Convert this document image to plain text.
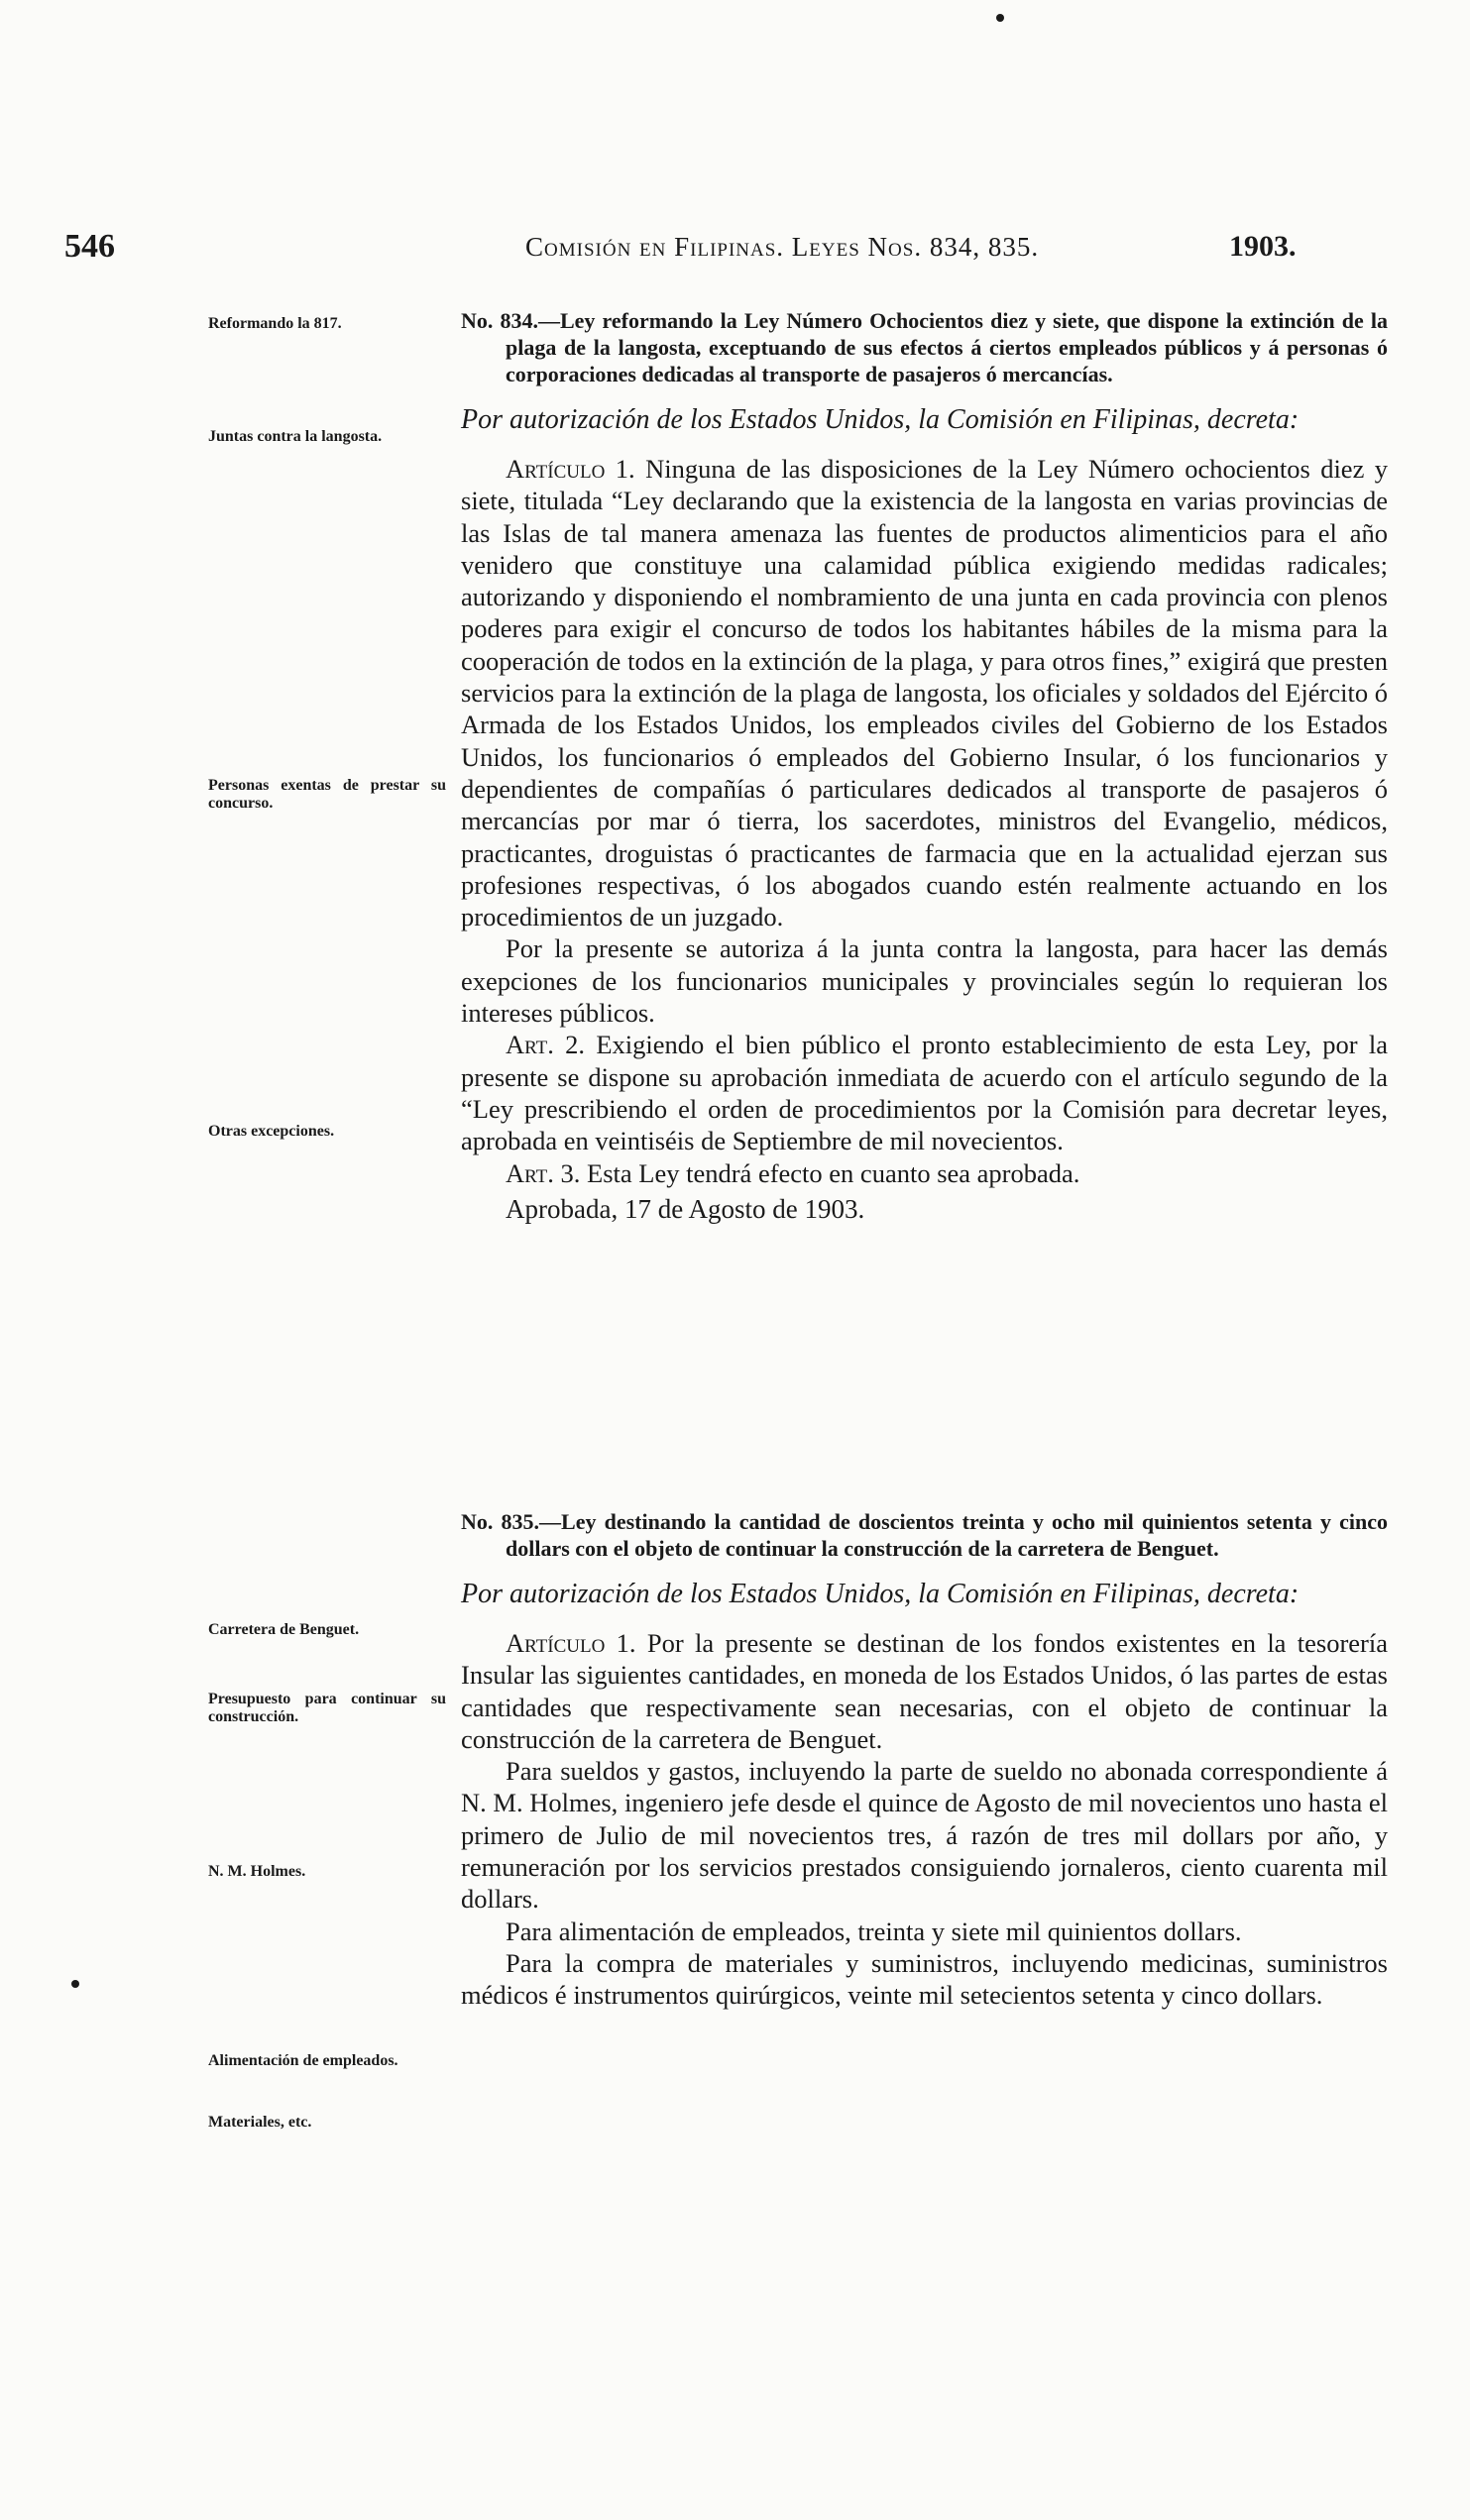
546	Comisión en Filipinas. Leyes Nos. 834, 835.	1903.
Reformando la 817.
Juntas contra la langosta.
Personas exentas de prestar su concurso.
Otras excepciones.
Carretera de Benguet.
Presupuesto para continuar su construcción.
N. M. Holmes.
Alimentación de empleados.
Materiales, etc.
No. 834.—Ley reformando la Ley Número Ochocientos diez y siete, que dispone la extinción de la plaga de la langosta, exceptuando de sus efectos á ciertos empleados públicos y á personas ó corporaciones dedicadas al transporte de pasajeros ó mercancías.
Por autorización de los Estados Unidos, la Comisión en Filipinas, decreta:

Artículo 1. Ninguna de las disposiciones de la Ley Número ochocientos diez y siete, titulada “Ley declarando que la existencia de la langosta en varias provincias de las Islas de tal manera amenaza las fuentes de productos alimenticios para el año venidero que constituye una calamidad pública exigiendo medidas radicales; autorizando y disponiendo el nombramiento de una junta en cada provincia con plenos poderes para exigir el concurso de todos los habitantes hábiles de la misma para la cooperación de todos en la extinción de la plaga, y para otros fines,” exigirá que presten servicios para la extinción de la plaga de langosta, los oficiales y soldados del Ejército ó Armada de los Estados Unidos, los empleados civiles del Gobierno de los Estados Unidos, los funcionarios ó empleados del Gobierno Insular, ó los funcionarios y dependientes de compañías ó particulares dedicados al transporte de pasajeros ó mercancías por mar ó tierra, los sacerdotes, ministros del Evangelio, médicos, practicantes, droguistas ó practicantes de farmacia que en la actualidad ejerzan sus profesiones respectivas, ó los abogados cuando estén realmente actuando en los procedimientos de un juzgado.

Por la presente se autoriza á la junta contra la langosta, para hacer las demás exepciones de los funcionarios municipales y provinciales según lo requieran los intereses públicos.

Art. 2. Exigiendo el bien público el pronto establecimiento de esta Ley, por la presente se dispone su aprobación inmediata de acuerdo con el artículo segundo de la “Ley prescribiendo el orden de procedimientos por la Comisión para decretar leyes, aprobada en veintiséis de Septiembre de mil novecientos.

Art. 3. Esta Ley tendrá efecto en cuanto sea aprobada.

Aprobada, 17 de Agosto de 1903.
No. 835.—Ley destinando la cantidad de doscientos treinta y ocho mil quinientos setenta y cinco dollars con el objeto de continuar la construcción de la carretera de Benguet.
Por autorización de los Estados Unidos, la Comisión en Filipinas, decreta:

Artículo 1. Por la presente se destinan de los fondos existentes en la tesorería Insular las siguientes cantidades, en moneda de los Estados Unidos, ó las partes de estas cantidades que respectivamente sean necesarias, con el objeto de continuar la construcción de la carretera de Benguet.

Para sueldos y gastos, incluyendo la parte de sueldo no abonada correspondiente á N. M. Holmes, ingeniero jefe desde el quince de Agosto de mil novecientos uno hasta el primero de Julio de mil novecientos tres, á razón de tres mil dollars por año, y remuneración por los servicios prestados consiguiendo jornaleros, ciento cuarenta mil dollars.

Para alimentación de empleados, treinta y siete mil quinientos dollars.

Para la compra de materiales y suministros, incluyendo medicinas, suministros médicos é instrumentos quirúrgicos, veinte mil setecientos setenta y cinco dollars.
